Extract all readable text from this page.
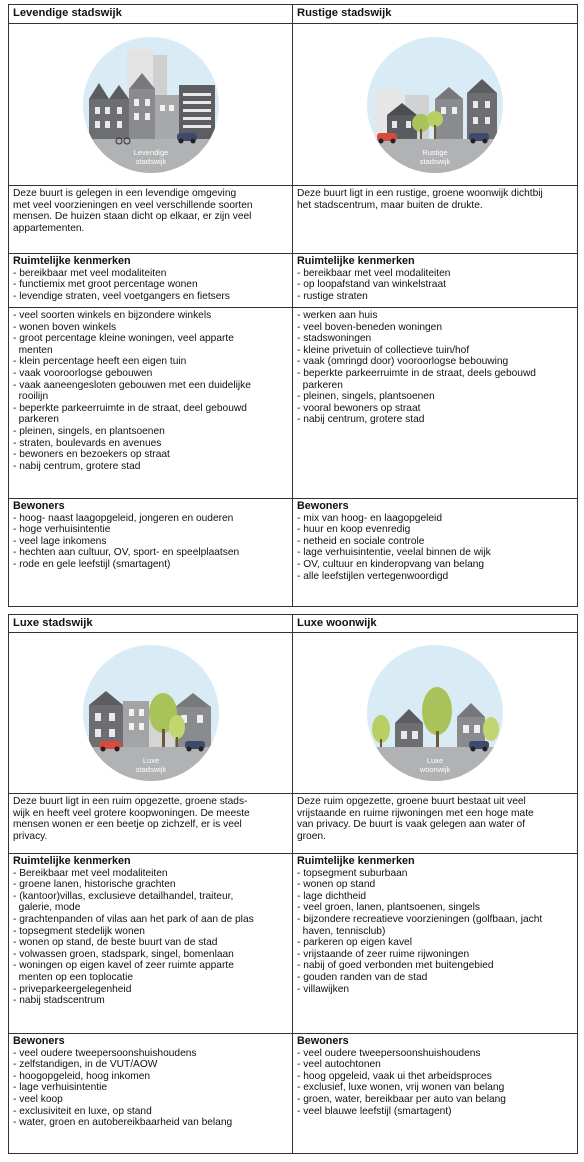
Levendige stadswijk	Rustige stadswijk
Levendige
stadswijk
Rustige
stadswijk
Deze buurt is gelegen in een levendige omgeving
met veel voorzieningen en veel verschillende soorten
mensen. De huizen staan dicht op elkaar, er zijn veel
appartementen.
Deze buurt ligt in een rustige, groene woonwijk dichtbij
het stadscentrum, maar buiten de drukte.
Ruimtelijke kenmerken
- bereikbaar met veel modaliteiten
- functiemix met groot percentage wonen
- levendige straten, veel voetgangers en fietsers
Ruimtelijke kenmerken
- bereikbaar met veel modaliteiten
- op loopafstand van winkelstraat
- rustige straten
- veel soorten winkels en bijzondere winkels
- wonen boven winkels
- groot percentage kleine woningen, veel apparte
menten
- klein percentage heeft een eigen tuin
- vaak vooroorlogse gebouwen
- vaak aaneengesloten gebouwen met een duidelijke
rooilijn
- beperkte parkeerruimte in de straat, deel gebouwd
parkeren
- pleinen, singels, en plantsoenen
- straten, boulevards en avenues
- bewoners en bezoekers op straat
- nabij centrum, grotere stad
- werken aan huis
- veel boven-beneden woningen
- stadswoningen
- kleine privetuin of collectieve tuin/hof
- vaak (omringd door) vooroorlogse bebouwing
- beperkte parkeerruimte in de straat, deels gebouwd
parkeren
- pleinen, singels, plantsoenen
- vooral bewoners op straat
- nabij centrum, grotere stad
Bewoners
- hoog- naast laagopgeleid, jongeren en ouderen
- hoge verhuisintentie
- veel lage inkomens
- hechten aan cultuur, OV, sport- en speelplaatsen
- rode en gele leefstijl (smartagent)
Bewoners
- mix van hoog- en laagopgeleid
- huur en koop evenredig
- netheid en sociale controle
- lage verhuisintentie, veelal binnen de wijk
- OV, cultuur en kinderopvang van belang
- alle leefstijlen vertegenwoordigd
Luxe stadswijk	Luxe woonwijk
Luxe
stadswijk
Luxe
woonwijk
Deze buurt ligt in een ruim opgezette, groene stads-
wijk en heeft veel grotere koopwoningen. De meeste
mensen wonen er een beetje op zichzelf, er is veel
privacy.
Deze ruim opgezette, groene buurt bestaat uit veel
vrijstaande en ruime rijwoningen met een hoge mate
van privacy. De buurt is vaak gelegen aan water of
groen.
Ruimtelijke kenmerken
- Bereikbaar met veel modaliteiten
- groene lanen, historische grachten
- (kantoor)villas, exclusieve detailhandel, traiteur,
galerie, mode
- grachtenpanden of vilas aan het park of aan de plas
- topsegment stedelijk wonen
- wonen op stand, de beste buurt van de stad
- volwassen groen, stadspark, singel, bomenlaan
- woningen op eigen kavel of zeer ruimte apparte
menten op een toplocatie
- priveparkeergelegenheid
- nabij stadscentrum
Ruimtelijke kenmerken
- topsegment suburbaan
- wonen op stand
- lage dichtheid
- veel groen, lanen, plantsoenen, singels
- bijzondere recreatieve voorzieningen (golfbaan, jacht
haven, tennisclub)
- parkeren op eigen kavel
- vrijstaande of zeer ruime rijwoningen
- nabij of goed verbonden met buitengebied
- gouden randen van de stad
- villawijken
Bewoners
- veel oudere tweepersoonshuishoudens
- zelfstandigen, in de VUT/AOW
- hoogopgeleid, hoog inkomen
- lage verhuisintentie
- veel koop
- exclusiviteit en luxe, op stand
- water, groen en autobereikbaarheid van belang
Bewoners
- veel oudere tweepersoonshuishoudens
- veel autochtonen
- hoog opgeleid, vaak ui thet arbeidsproces
- exclusief, luxe wonen, vrij wonen van belang
- groen, water, bereikbaar per auto van belang
- veel blauwe leefstijl (smartagent)
